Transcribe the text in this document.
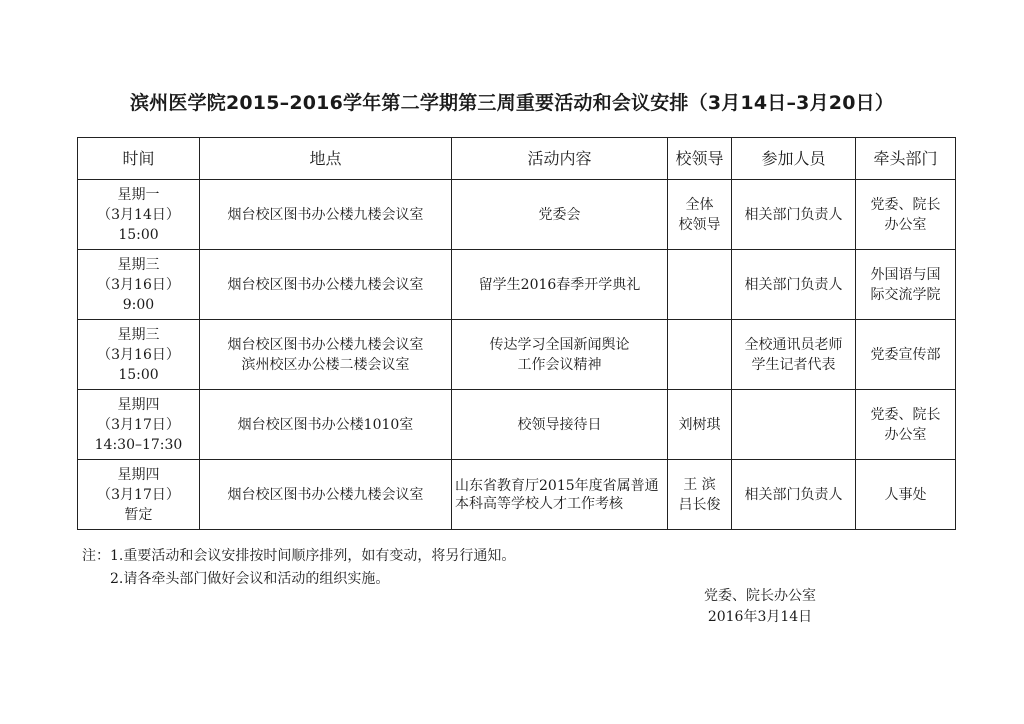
滨州医学院2015–2016学年第二学期第三周重要活动和会议安排（3月14日–3月20日）
时间	地点	活动内容	校领导	参加人员	牵头部门

星期一
（3月14日）
15:00	烟台校区图书办公楼九楼会议室	党委会	全体
校领导	相关部门负责人	党委、院长
办公室

星期三
（3月16日）
9:00	烟台校区图书办公楼九楼会议室	留学生2016春季开学典礼		相关部门负责人	外国语与国
际交流学院

星期三
（3月16日）
15:00	烟台校区图书办公楼九楼会议室
滨州校区办公楼二楼会议室	传达学习全国新闻舆论
工作会议精神		全校通讯员老师
学生记者代表	党委宣传部

星期四
（3月17日）
14:30–17:30	烟台校区图书办公楼1010室	校领导接待日	刘树琪		党委、院长
办公室

星期四
（3月17日）
暂定	烟台校区图书办公楼九楼会议室	山东省教育厅2015年度省属普通本科高等学校人才工作考核	王 滨
吕长俊	相关部门负责人	人事处
注：1.重要活动和会议安排按时间顺序排列，如有变动，将另行通知。
2.请各牵头部门做好会议和活动的组织实施。
党委、院长办公室
2016年3月14日
